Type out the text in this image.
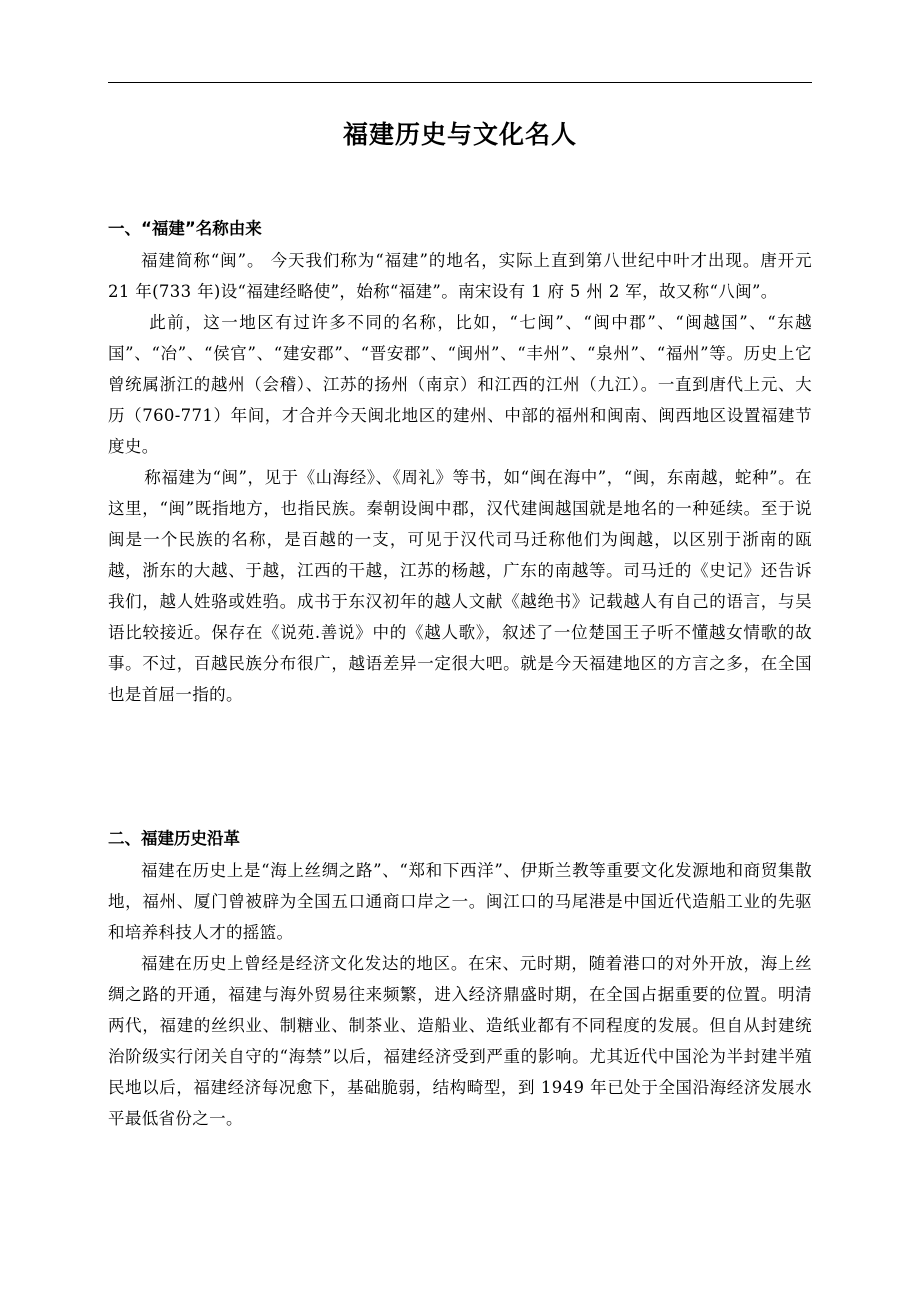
福建历史与文化名人
一、“福建”名称由来

福建简称“闽”。 今天我们称为“福建”的地名，实际上直到第八世纪中叶才出现。唐开元 21 年(733 年)设“福建经略使”，始称“福建”。南宋设有 1 府 5 州 2 军，故又称“八闽”。

此前，这一地区有过许多不同的名称，比如，“七闽”、“闽中郡”、“闽越国”、“东越国”、“冶”、“侯官”、“建安郡”、“晋安郡”、“闽州”、“丰州”、“泉州”、“福州”等。历史上它曾统属浙江的越州（会稽）、江苏的扬州（南京）和江西的江州（九江）。一直到唐代上元、大历（760-771）年间，才合并今天闽北地区的建州、中部的福州和闽南、闽西地区设置福建节度史。

称福建为“闽”，见于《山海经》、《周礼》等书，如“闽在海中”，“闽，东南越，蛇种”。在这里，“闽”既指地方，也指民族。秦朝设闽中郡，汉代建闽越国就是地名的一种延续。至于说闽是一个民族的名称，是百越的一支，可见于汉代司马迁称他们为闽越，以区别于浙南的瓯越，浙东的大越、于越，江西的干越，江苏的杨越，广东的南越等。司马迁的《史记》还告诉我们，越人姓骆或姓驺。成书于东汉初年的越人文献《越绝书》记载越人有自己的语言，与吴语比较接近。保存在《说苑.善说》中的《越人歌》，叙述了一位楚国王子听不懂越女情歌的故事。不过，百越民族分布很广，越语差异一定很大吧。就是今天福建地区的方言之多，在全国也是首屈一指的。

二、福建历史沿革

福建在历史上是“海上丝绸之路”、“郑和下西洋”、伊斯兰教等重要文化发源地和商贸集散地，福州、厦门曾被辟为全国五口通商口岸之一。闽江口的马尾港是中国近代造船工业的先驱和培养科技人才的摇篮。

福建在历史上曾经是经济文化发达的地区。在宋、元时期，随着港口的对外开放，海上丝绸之路的开通，福建与海外贸易往来频繁，进入经济鼎盛时期，在全国占据重要的位置。明清两代，福建的丝织业、制糖业、制茶业、造船业、造纸业都有不同程度的发展。但自从封建统治阶级实行闭关自守的“海禁”以后，福建经济受到严重的影响。尤其近代中国沦为半封建半殖民地以后，福建经济每况愈下，基础脆弱，结构畸型，到 1949 年已处于全国沿海经济发展水平最低省份之一。
